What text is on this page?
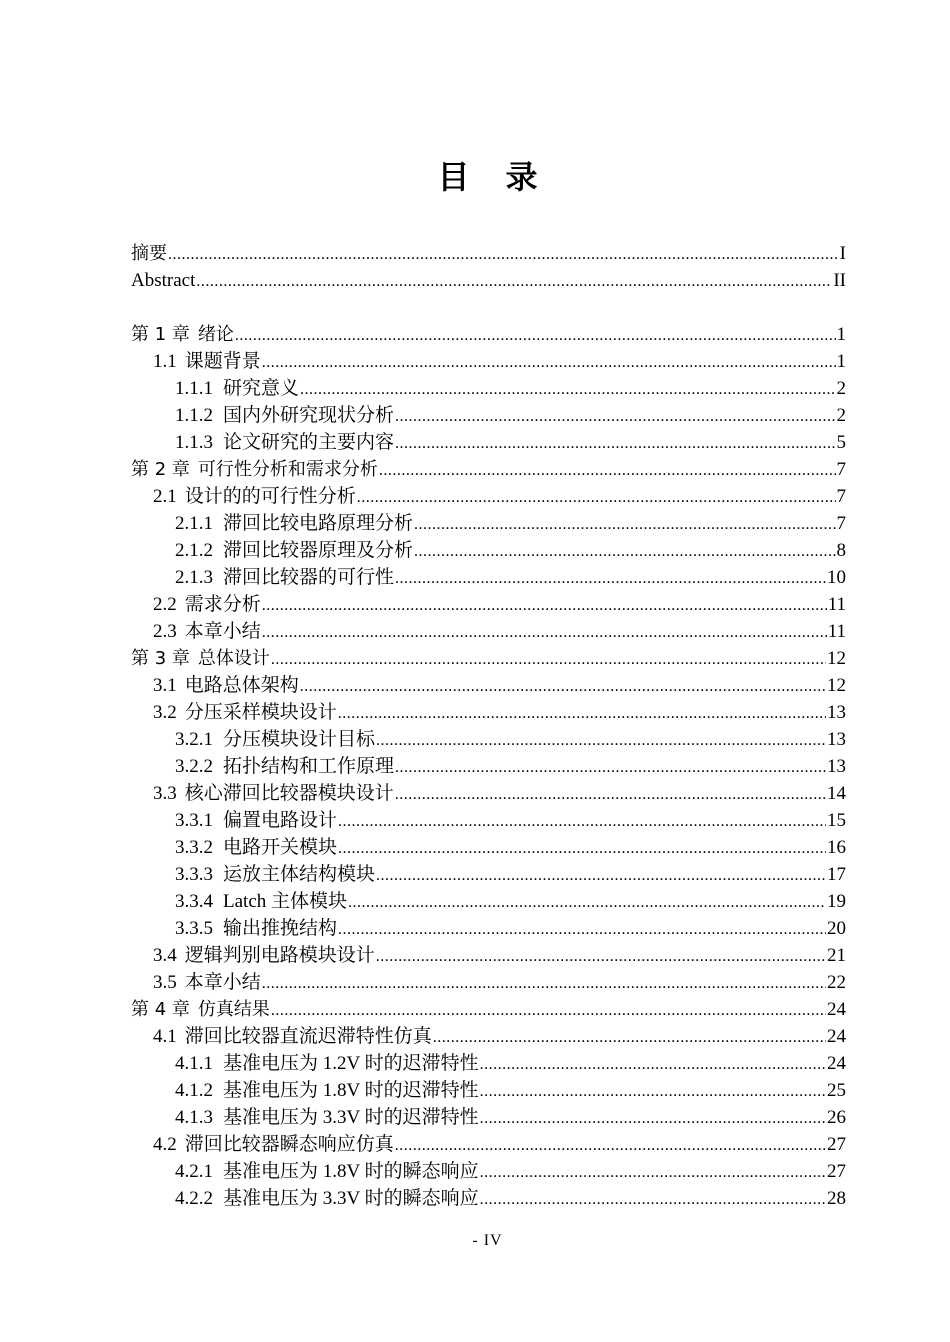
目 录
摘要 .....	I
Abstract .....	II
第 1 章 绪论 .....	1
1.1 课题背景 .....	1
1.1.1 研究意义 .....	2
1.1.2 国内外研究现状分析 .....	2
1.1.3 论文研究的主要内容 .....	5
第 2 章 可行性分析和需求分析 .....	7
2.1 设计的的可行性分析 .....	7
2.1.1 滞回比较电路原理分析 .....	7
2.1.2 滞回比较器原理及分析 .....	8
2.1.3 滞回比较器的可行性 .....	10
2.2 需求分析 .....	11
2.3 本章小结 .....	11
第 3 章 总体设计 .....	12
3.1 电路总体架构 .....	12
3.2 分压采样模块设计 .....	13
3.2.1 分压模块设计目标 .....	13
3.2.2 拓扑结构和工作原理 .....	13
3.3 核心滞回比较器模块设计 .....	14
3.3.1 偏置电路设计 .....	15
3.3.2 电路开关模块 .....	16
3.3.3 运放主体结构模块 .....	17
3.3.4 Latch 主体模块 .....	19
3.3.5 输出推挽结构 .....	20
3.4 逻辑判别电路模块设计 .....	21
3.5 本章小结 .....	22
第 4 章 仿真结果 .....	24
4.1 滞回比较器直流迟滞特性仿真 .....	24
4.1.1 基准电压为 1.2V 时的迟滞特性 .....	24
4.1.2 基准电压为 1.8V 时的迟滞特性 .....	25
4.1.3 基准电压为 3.3V 时的迟滞特性 .....	26
4.2 滞回比较器瞬态响应仿真 .....	27
4.2.1 基准电压为 1.8V 时的瞬态响应 .....	27
4.2.2 基准电压为 3.3V 时的瞬态响应 .....	28
- IV
